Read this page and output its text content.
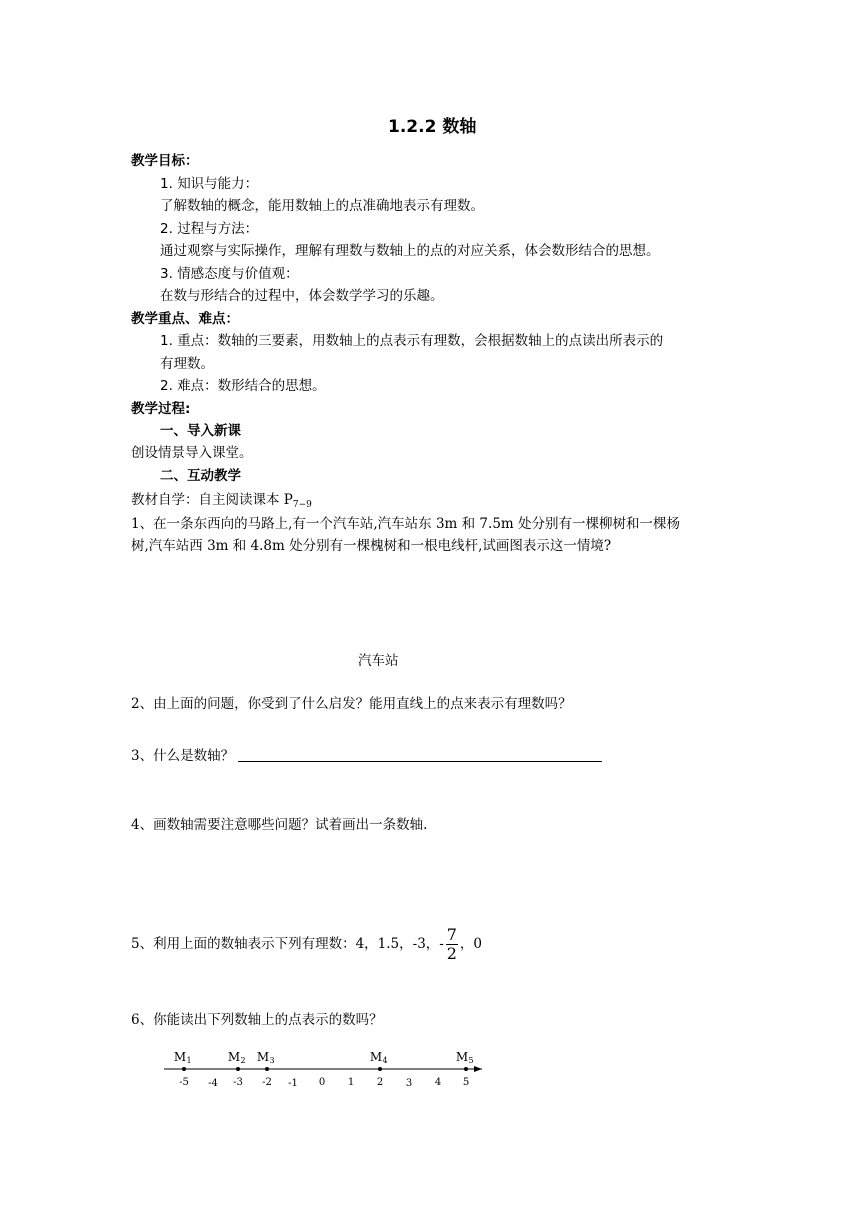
1.2.2 数轴
教学目标：
1. 知识与能力：
了解数轴的概念，能用数轴上的点准确地表示有理数。
2. 过程与方法：
通过观察与实际操作，理解有理数与数轴上的点的对应关系，体会数形结合的思想。
3. 情感态度与价值观：
在数与形结合的过程中，体会数学学习的乐趣。
教学重点、难点：
1. 重点：数轴的三要素，用数轴上的点表示有理数，会根据数轴上的点读出所表示的
有理数。
2. 难点：数形结合的思想。
教学过程:
一、导入新课
创设情景导入课堂。
二、互动教学
教材自学：自主阅读课本 $P_{7-9}$
1、在一条东西向的马路上,有一个汽车站,汽车站东 3m 和 7.5m 处分别有一棵柳树和一棵杨
树,汽车站西 3m 和 4.8m 处分别有一棵槐树和一根电线杆,试画图表示这一情境?
汽车站
2、由上面的问题，你受到了什么启发？能用直线上的点来表示有理数吗？
3、什么是数轴？
4、画数轴需要注意哪些问题？试着画出一条数轴.
5、利用上面的数轴表示下列有理数：4，1.5，-3，- $\frac{7}{2}$ ，0
6、你能读出下列数轴上的点表示的数吗？
-5 -4 -3 -2 -1 0 1 2 3 4 5
M 1	M 2 M 3	M 4	M 5
